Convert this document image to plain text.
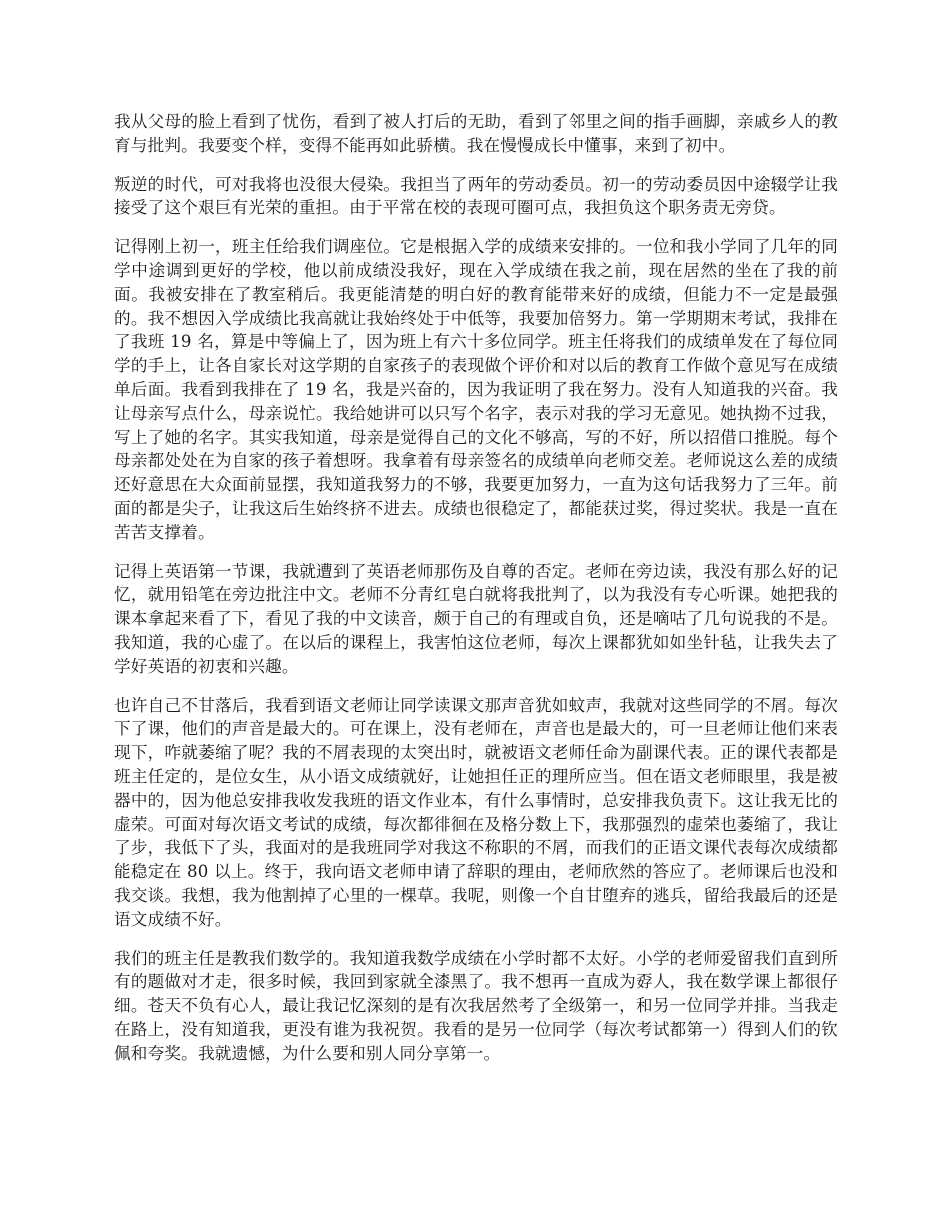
我从父母的脸上看到了忧伤，看到了被人打后的无助，看到了邻里之间的指手画脚，亲戚乡人的教育与批判。我要变个样，变得不能再如此骄横。我在慢慢成长中懂事，来到了初中。

叛逆的时代，可对我将也没很大侵染。我担当了两年的劳动委员。初一的劳动委员因中途辍学让我接受了这个艰巨有光荣的重担。由于平常在校的表现可圈可点，我担负这个职务责无旁贷。

记得刚上初一，班主任给我们调座位。它是根据入学的成绩来安排的。一位和我小学同了几年的同学中途调到更好的学校，他以前成绩没我好，现在入学成绩在我之前，现在居然的坐在了我的前面。我被安排在了教室稍后。我更能清楚的明白好的教育能带来好的成绩，但能力不一定是最强的。我不想因入学成绩比我高就让我始终处于中低等，我要加倍努力。第一学期期末考试，我排在了我班 19 名，算是中等偏上了，因为班上有六十多位同学。班主任将我们的成绩单发在了每位同学的手上，让各自家长对这学期的自家孩子的表现做个评价和对以后的教育工作做个意见写在成绩单后面。我看到我排在了 19 名，我是兴奋的，因为我证明了我在努力。没有人知道我的兴奋。我让母亲写点什么，母亲说忙。我给她讲可以只写个名字，表示对我的学习无意见。她执拗不过我，写上了她的名字。其实我知道，母亲是觉得自己的文化不够高，写的不好，所以招借口推脱。每个母亲都处处在为自家的孩子着想呀。我拿着有母亲签名的成绩单向老师交差。老师说这么差的成绩还好意思在大众面前显摆，我知道我努力的不够，我要更加努力，一直为这句话我努力了三年。前面的都是尖子，让我这后生始终挤不进去。成绩也很稳定了，都能获过奖，得过奖状。我是一直在苦苦支撑着。

记得上英语第一节课，我就遭到了英语老师那伤及自尊的否定。老师在旁边读，我没有那么好的记忆，就用铅笔在旁边批注中文。老师不分青红皂白就将我批判了，以为我没有专心听课。她把我的课本拿起来看了下，看见了我的中文读音，颇于自己的有理或自负，还是嘀咕了几句说我的不是。我知道，我的心虚了。在以后的课程上，我害怕这位老师，每次上课都犹如如坐针毡，让我失去了学好英语的初衷和兴趣。

也许自己不甘落后，我看到语文老师让同学读课文那声音犹如蚊声，我就对这些同学的不屑。每次下了课，他们的声音是最大的。可在课上，没有老师在，声音也是最大的，可一旦老师让他们来表现下，咋就萎缩了呢？我的不屑表现的太突出时，就被语文老师任命为副课代表。正的课代表都是班主任定的，是位女生，从小语文成绩就好，让她担任正的理所应当。但在语文老师眼里，我是被器中的，因为他总安排我收发我班的语文作业本，有什么事情时，总安排我负责下。这让我无比的虚荣。可面对每次语文考试的成绩，每次都徘徊在及格分数上下，我那强烈的虚荣也萎缩了，我让了步，我低下了头，我面对的是我班同学对我这不称职的不屑，而我们的正语文课代表每次成绩都能稳定在 80 以上。终于，我向语文老师申请了辞职的理由，老师欣然的答应了。老师课后也没和我交谈。我想，我为他割掉了心里的一棵草。我呢，则像一个自甘堕弃的逃兵，留给我最后的还是语文成绩不好。

我们的班主任是教我们数学的。我知道我数学成绩在小学时都不太好。小学的老师爱留我们直到所有的题做对才走，很多时候，我回到家就全漆黑了。我不想再一直成为孬人，我在数学课上都很仔细。苍天不负有心人，最让我记忆深刻的是有次我居然考了全级第一，和另一位同学并排。当我走在路上，没有知道我，更没有谁为我祝贺。我看的是另一位同学（每次考试都第一）得到人们的钦佩和夸奖。我就遗憾，为什么要和别人同分享第一。
